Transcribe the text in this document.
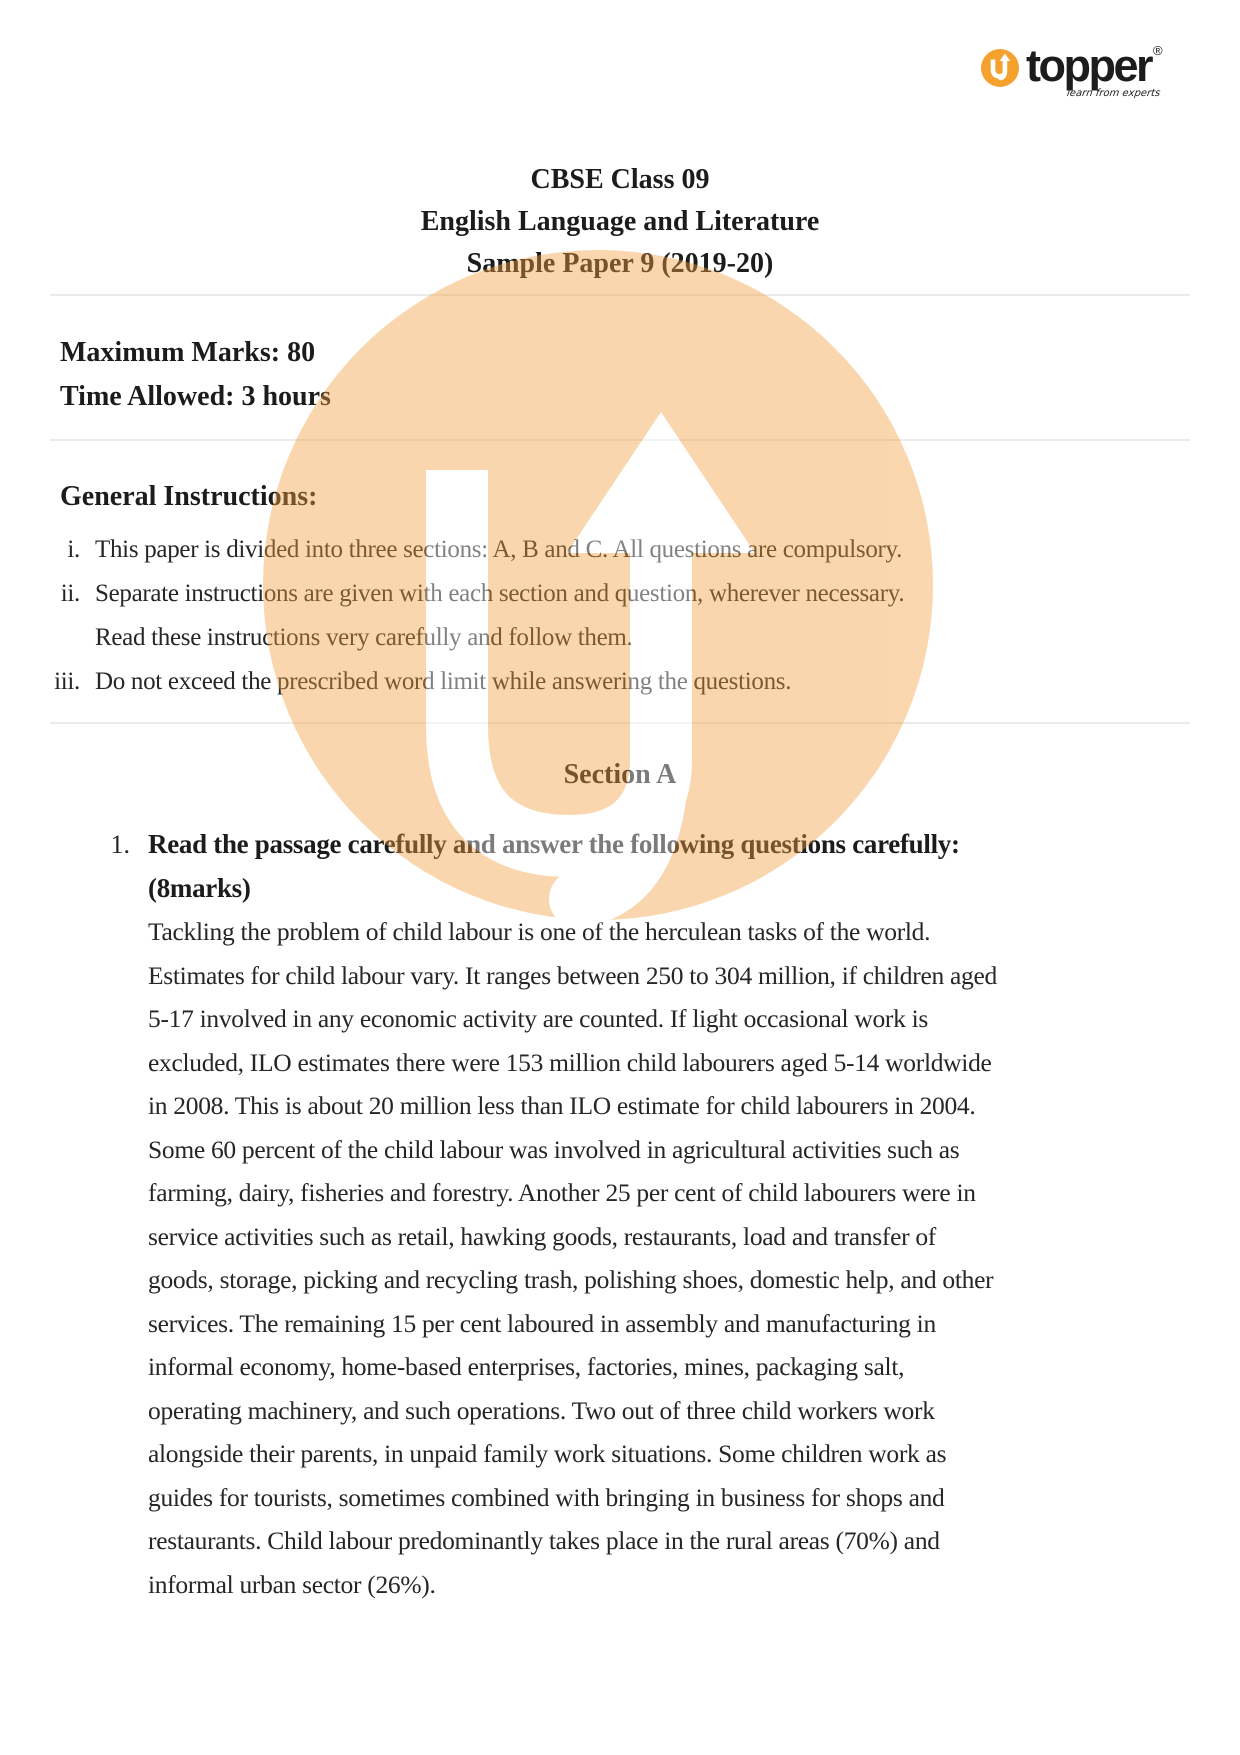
topper ®
learn from experts
CBSE Class 09
English Language and Literature
Sample Paper 9 (2019-20)
Maximum Marks: 80
Time Allowed: 3 hours
General Instructions:
i. This paper is divided into three sections: A, B and C. All questions are compulsory.
ii. Separate instructions are given with each section and question, wherever necessary.
Read these instructions very carefully and follow them.
iii. Do not exceed the prescribed word limit while answering the questions.
Section A
1. Read the passage carefully and answer the following questions carefully:
(8marks)
Tackling the problem of child labour is one of the herculean tasks of the world.
Estimates for child labour vary. It ranges between 250 to 304 million, if children aged
5-17 involved in any economic activity are counted. If light occasional work is
excluded, ILO estimates there were 153 million child labourers aged 5-14 worldwide
in 2008. This is about 20 million less than ILO estimate for child labourers in 2004.
Some 60 percent of the child labour was involved in agricultural activities such as
farming, dairy, fisheries and forestry. Another 25 per cent of child labourers were in
service activities such as retail, hawking goods, restaurants, load and transfer of
goods, storage, picking and recycling trash, polishing shoes, domestic help, and other
services. The remaining 15 per cent laboured in assembly and manufacturing in
informal economy, home-based enterprises, factories, mines, packaging salt,
operating machinery, and such operations. Two out of three child workers work
alongside their parents, in unpaid family work situations. Some children work as
guides for tourists, sometimes combined with bringing in business for shops and
restaurants. Child labour predominantly takes place in the rural areas (70%) and
informal urban sector (26%).
